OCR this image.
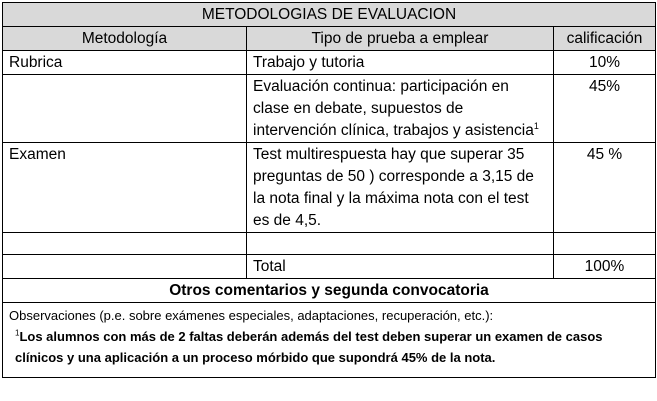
METODOLOGIAS DE EVALUACION		
Metodología	Tipo de prueba a emplear	calificación
Rubrica	Trabajo y tutoria	10%
	Evaluación continua: participación en clase en debate, supuestos de intervención clínica, trabajos y asistencia$^1$	45%
Examen	Test multirespuesta hay que superar 35 preguntas de 50 ) corresponde a 3,15 de la nota final y la máxima nota con el test es de 4,5.	45 %

	Total	100%
Otros comentarios y segunda convocatoria		
Observaciones (p.e. sobre exámenes especiales, adaptaciones, recuperación, etc.):
$^1$Los alumnos con más de 2 faltas deberán además del test deben superar un examen de casos clínicos y una aplicación a un proceso mórbido que supondrá 45% de la nota.		
